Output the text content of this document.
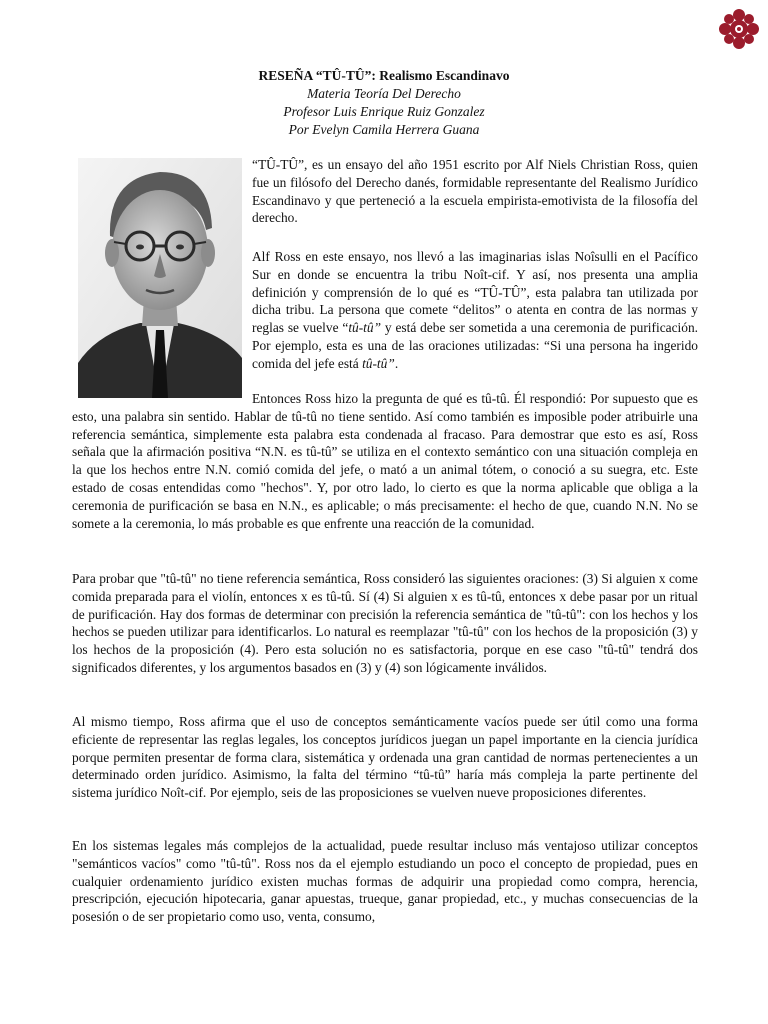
RESEÑA “TÛ-TÛ”: Realismo Escandinavo
Materia Teoría Del Derecho
Profesor Luis Enrique Ruiz Gonzalez
Por Evelyn Camila Herrera Guana

“TÛ-TÛ”, es un ensayo del año 1951 escrito por Alf Niels Christian Ross, quien fue un filósofo del Derecho danés, formidable representante del Realismo Jurídico Escandinavo y que perteneció a la escuela empirista-emotivista de la filosofía del derecho.

Alf Ross en este ensayo, nos llevó a las imaginarias islas Noîsulli en el Pacífico Sur en donde se encuentra la tribu Noît-cif. Y así, nos presenta una amplia definición y comprensión de lo qué es “TÛ-TÛ”, esta palabra tan utilizada por dicha tribu. La persona que comete “delitos” o atenta en contra de las normas y reglas se vuelve “tû-tû” y está debe ser sometida a una ceremonia de purificación. Por ejemplo, esta es una de las oraciones utilizadas: “Si una persona ha ingerido comida del jefe está tû-tû”.

Entonces Ross hizo la pregunta de qué es tû-tû. Él respondió: Por supuesto que es esto, una palabra sin sentido. Hablar de tû-tû no tiene sentido. Así como también es imposible poder atribuirle una referencia semántica, simplemente esta palabra esta condenada al fracaso. Para demostrar que esto es así, Ross señala que la afirmación positiva “N.N. es tû-tû” se utiliza en el contexto semántico con una situación compleja en la que los hechos entre N.N. comió comida del jefe, o mató a un animal tótem, o conoció a su suegra, etc. Este estado de cosas entendidas como "hechos". Y, por otro lado, lo cierto es que la norma aplicable que obliga a la ceremonia de purificación se basa en N.N., es aplicable; o más precisamente: el hecho de que, cuando N.N. No se somete a la ceremonia, lo más probable es que enfrente una reacción de la comunidad.

Para probar que "tû-tû" no tiene referencia semántica, Ross consideró las siguientes oraciones: (3) Si alguien x come comida preparada para el violín, entonces x es tû-tû. Sí (4) Si alguien x es tû-tû, entonces x debe pasar por un ritual de purificación. Hay dos formas de determinar con precisión la referencia semántica de "tû-tû": con los hechos y los hechos se pueden utilizar para identificarlos. Lo natural es reemplazar "tû-tû" con los hechos de la proposición (3) y los hechos de la proposición (4). Pero esta solución no es satisfactoria, porque en ese caso "tû-tû" tendrá dos significados diferentes, y los argumentos basados en (3) y (4) son lógicamente inválidos.

Al mismo tiempo, Ross afirma que el uso de conceptos semánticamente vacíos puede ser útil como una forma eficiente de representar las reglas legales, los conceptos jurídicos juegan un papel importante en la ciencia jurídica porque permiten presentar de forma clara, sistemática y ordenada una gran cantidad de normas pertenecientes a un determinado orden jurídico. Asimismo, la falta del término “tû-tû” haría más compleja la parte pertinente del sistema jurídico Noît-cif. Por ejemplo, seis de las proposiciones se vuelven nueve proposiciones diferentes.

En los sistemas legales más complejos de la actualidad, puede resultar incluso más ventajoso utilizar conceptos "semánticos vacíos" como "tû-tû". Ross nos da el ejemplo estudiando un poco el concepto de propiedad, pues en cualquier ordenamiento jurídico existen muchas formas de adquirir una propiedad como compra, herencia, prescripción, ejecución hipotecaria, ganar apuestas, trueque, ganar propiedad, etc., y muchas consecuencias de la posesión o de ser propietario como uso, venta, consumo,
